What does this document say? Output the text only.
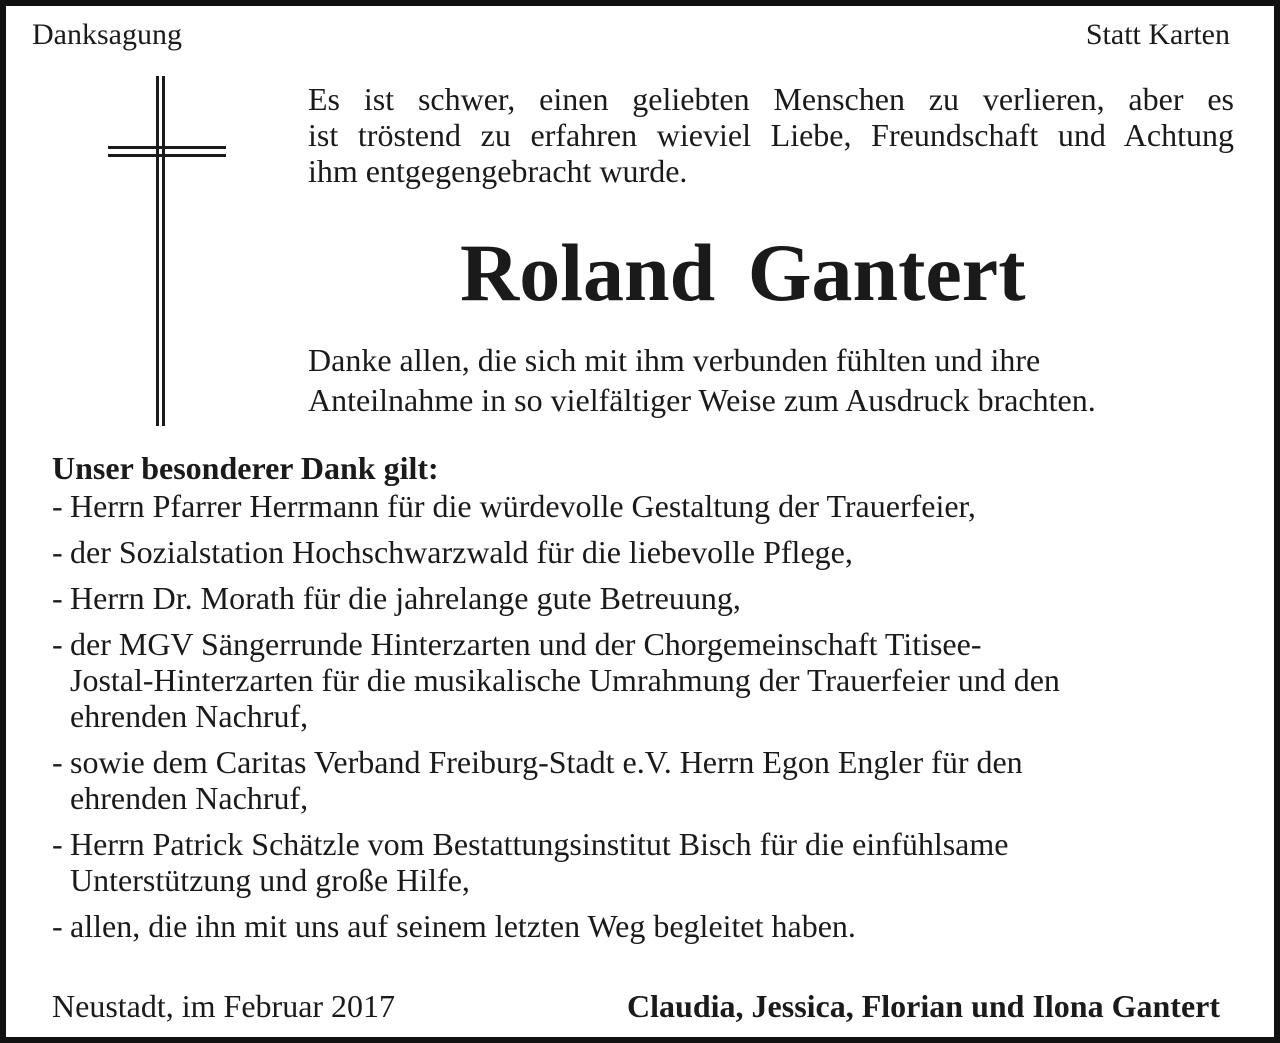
Danksagung	Statt Karten
Es ist schwer, einen geliebten Menschen zu verlieren, aber es
ist tröstend zu erfahren wieviel Liebe, Freundschaft und Achtung
ihm entgegengebracht wurde.
Roland Gantert
Danke allen, die sich mit ihm verbunden fühlten und ihre
Anteilnahme in so vielfältiger Weise zum Ausdruck brachten.
Unser besonderer Dank gilt:
- Herrn Pfarrer Herrmann für die würdevolle Gestaltung der Trauerfeier,
- der Sozialstation Hochschwarzwald für die liebevolle Pflege,
- Herrn Dr. Morath für die jahrelange gute Betreuung,
- der MGV Sängerrunde Hinterzarten und der Chorgemeinschaft Titisee-
Jostal-Hinterzarten für die musikalische Umrahmung der Trauerfeier und den
ehrenden Nachruf,
- sowie dem Caritas Verband Freiburg-Stadt e.V. Herrn Egon Engler für den
ehrenden Nachruf,
- Herrn Patrick Schätzle vom Bestattungsinstitut Bisch für die einfühlsame
Unterstützung und große Hilfe,
- allen, die ihn mit uns auf seinem letzten Weg begleitet haben.
Neustadt, im Februar 2017	Claudia, Jessica, Florian und Ilona Gantert
